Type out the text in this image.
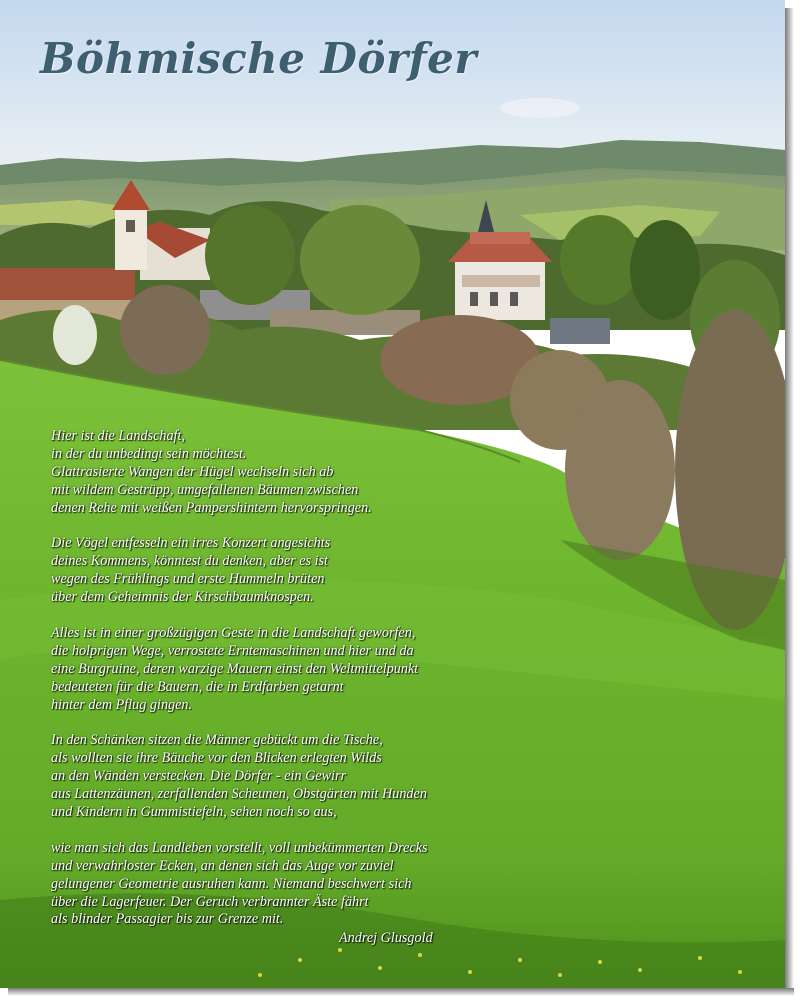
Böhmische Dörfer

Hier ist die Landschaft,
in der du unbedingt sein möchtest.
Glattrasierte Wangen der Hügel wechseln sich ab
mit wildem Gestrüpp, umgefallenen Bäumen zwischen
denen Rehe mit weißen Pampershintern hervorspringen.

Die Vögel entfesseln ein irres Konzert angesichts
deines Kommens, könntest du denken, aber es ist
wegen des Frühlings und erste Hummeln brüten
über dem Geheimnis der Kirschbaumknospen.

Alles ist in einer großzügigen Geste in die Landschaft geworfen,
die holprigen Wege, verrostete Erntemaschinen und hier und da
eine Burgruine, deren warzige Mauern einst den Weltmittelpunkt
bedeuteten für die Bauern, die in Erdfarben getarnt
hinter dem Pflug gingen.

In den Schänken sitzen die Männer gebückt um die Tische,
als wollten sie ihre Bäuche vor den Blicken erlegten Wilds
an den Wänden verstecken. Die Dörfer - ein Gewirr
aus Lattenzäunen, zerfallenden Scheunen, Obstgärten mit Hunden
und Kindern in Gummistiefeln, sehen noch so aus,

wie man sich das Landleben vorstellt, voll unbekümmerten Drecks
und verwahrloster Ecken, an denen sich das Auge vor zuviel
gelungener Geometrie ausruhen kann. Niemand beschwert sich
über die Lagerfeuer. Der Geruch verbrannter Äste fährt
als blinder Passagier bis zur Grenze mit.

Andrej Glusgold
